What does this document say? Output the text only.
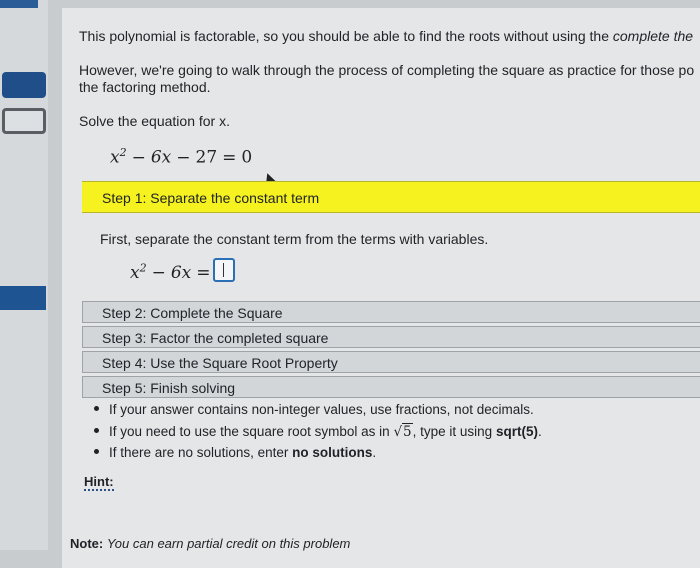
This polynomial is factorable, so you should be able to find the roots without using the complete the
However, we're going to walk through the process of completing the square as practice for those po
the factoring method.
Solve the equation for x.
$x^2 - 6x - 27 = 0$
Step 1: Separate the constant term
First, separate the constant term from the terms with variables.
$x^2 - 6x$ =
Step 2: Complete the Square
Step 3: Factor the completed square
Step 4: Use the Square Root Property
Step 5: Finish solving
If your answer contains non-integer values, use fractions, not decimals.
If you need to use the square root symbol as in √5, type it using sqrt(5).
If there are no solutions, enter no solutions.
Hint:
Note: You can earn partial credit on this problem
